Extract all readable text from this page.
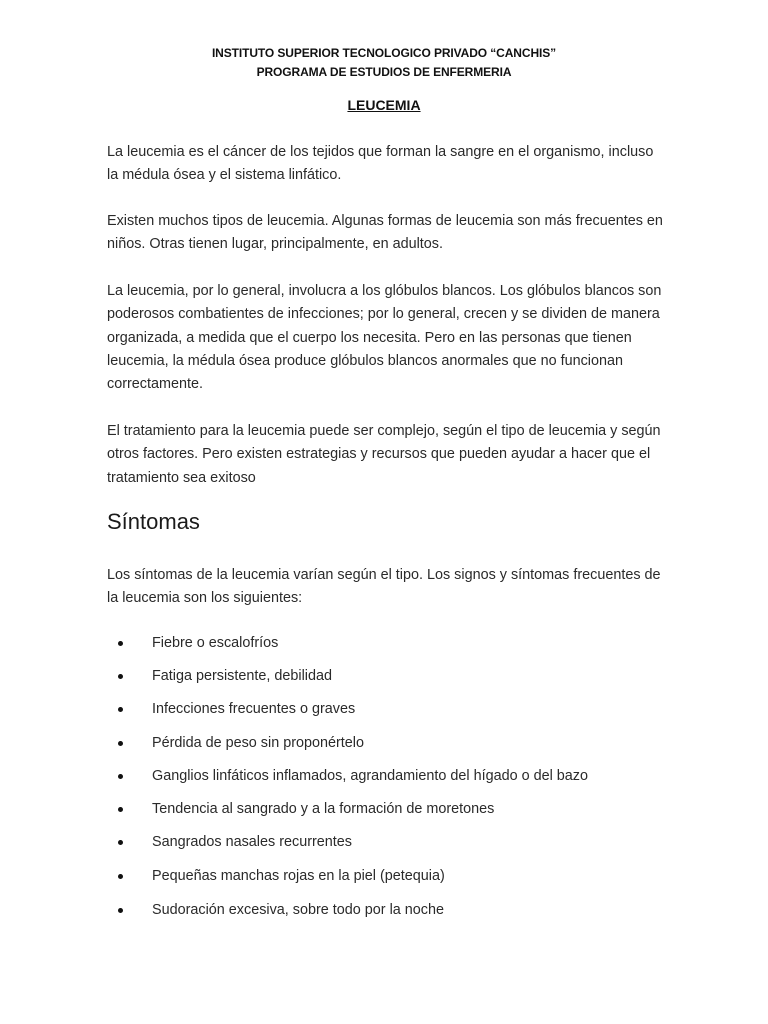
INSTITUTO SUPERIOR TECNOLOGICO PRIVADO “CANCHIS”
PROGRAMA DE ESTUDIOS DE ENFERMERIA
LEUCEMIA

La leucemia es el cáncer de los tejidos que forman la sangre en el organismo, incluso la médula ósea y el sistema linfático.

Existen muchos tipos de leucemia. Algunas formas de leucemia son más frecuentes en niños. Otras tienen lugar, principalmente, en adultos.

La leucemia, por lo general, involucra a los glóbulos blancos. Los glóbulos blancos son poderosos combatientes de infecciones; por lo general, crecen y se dividen de manera organizada, a medida que el cuerpo los necesita. Pero en las personas que tienen leucemia, la médula ósea produce glóbulos blancos anormales que no funcionan correctamente.

El tratamiento para la leucemia puede ser complejo, según el tipo de leucemia y según otros factores. Pero existen estrategias y recursos que pueden ayudar a hacer que el tratamiento sea exitoso

Síntomas

Los síntomas de la leucemia varían según el tipo. Los signos y síntomas frecuentes de la leucemia son los siguientes:

Fiebre o escalofríos
Fatiga persistente, debilidad
Infecciones frecuentes o graves
Pérdida de peso sin proponértelo
Ganglios linfáticos inflamados, agrandamiento del hígado o del bazo
Tendencia al sangrado y a la formación de moretones
Sangrados nasales recurrentes
Pequeñas manchas rojas en la piel (petequia)
Sudoración excesiva, sobre todo por la noche
